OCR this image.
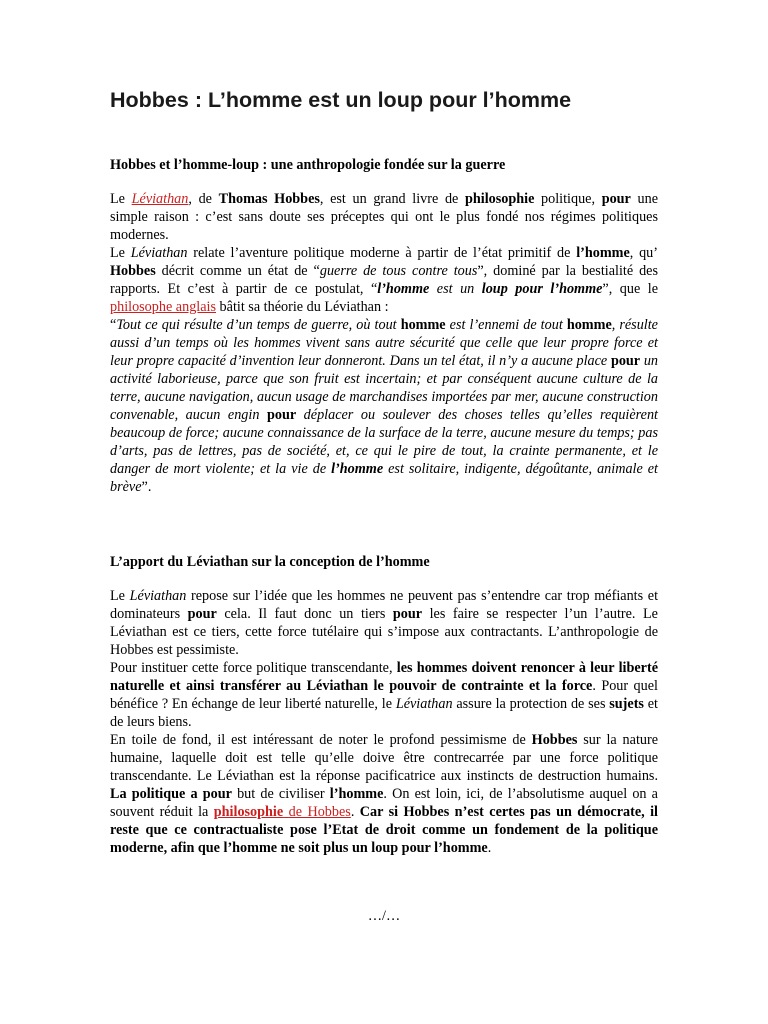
Hobbes : L’homme est un loup pour l’homme
Hobbes et l’homme-loup : une anthropologie fondée sur la guerre

Le Léviathan, de Thomas Hobbes, est un grand livre de philosophie politique, pour une simple raison : c’est sans doute ses préceptes qui ont le plus fondé nos régimes politiques modernes.

Le Léviathan relate l’aventure politique moderne à partir de l’état primitif de l’homme, qu’ Hobbes décrit comme un état de “guerre de tous contre tous”, dominé par la bestialité des rapports. Et c’est à partir de ce postulat, “l’homme est un loup pour l’homme”, que le philosophe anglais bâtit sa théorie du Léviathan :

“Tout ce qui résulte d’un temps de guerre, où tout homme est l’ennemi de tout homme, résulte aussi d’un temps où les hommes vivent sans autre sécurité que celle que leur propre force et leur propre capacité d’invention leur donneront. Dans un tel état, il n’y a aucune place pour un activité laborieuse, parce que son fruit est incertain; et par conséquent aucune culture de la terre, aucune navigation, aucun usage de marchandises importées par mer, aucune construction convenable, aucun engin pour déplacer ou soulever des choses telles qu’elles requièrent beaucoup de force; aucune connaissance de la surface de la terre, aucune mesure du temps; pas d’arts, pas de lettres, pas de société, et, ce qui le pire de tout, la crainte permanente, et le danger de mort violente; et la vie de l’homme est solitaire, indigente, dégoûtante, animale et brève”.

L’apport du Léviathan sur la conception de l’homme

Le Léviathan repose sur l’idée que les hommes ne peuvent pas s’entendre car trop méfiants et dominateurs pour cela. Il faut donc un tiers pour les faire se respecter l’un l’autre. Le Léviathan est ce tiers, cette force tutélaire qui s’impose aux contractants. L’anthropologie de Hobbes est pessimiste.

Pour instituer cette force politique transcendante, les hommes doivent renoncer à leur liberté naturelle et ainsi transférer au Léviathan le pouvoir de contrainte et la force. Pour quel bénéfice ? En échange de leur liberté naturelle, le Léviathan assure la protection de ses sujets et de leurs biens.

En toile de fond, il est intéressant de noter le profond pessimisme de Hobbes sur la nature humaine, laquelle doit est telle qu’elle doive être contrecarrée par une force politique transcendante. Le Léviathan est la réponse pacificatrice aux instincts de destruction humains. La politique a pour but de civiliser l’homme. On est loin, ici, de l’absolutisme auquel on a souvent réduit la philosophie de Hobbes. Car si Hobbes n’est certes pas un démocrate, il reste que ce contractualiste pose l’Etat de droit comme un fondement de la politique moderne, afin que l’homme ne soit plus un loup pour l’homme.

…/…
